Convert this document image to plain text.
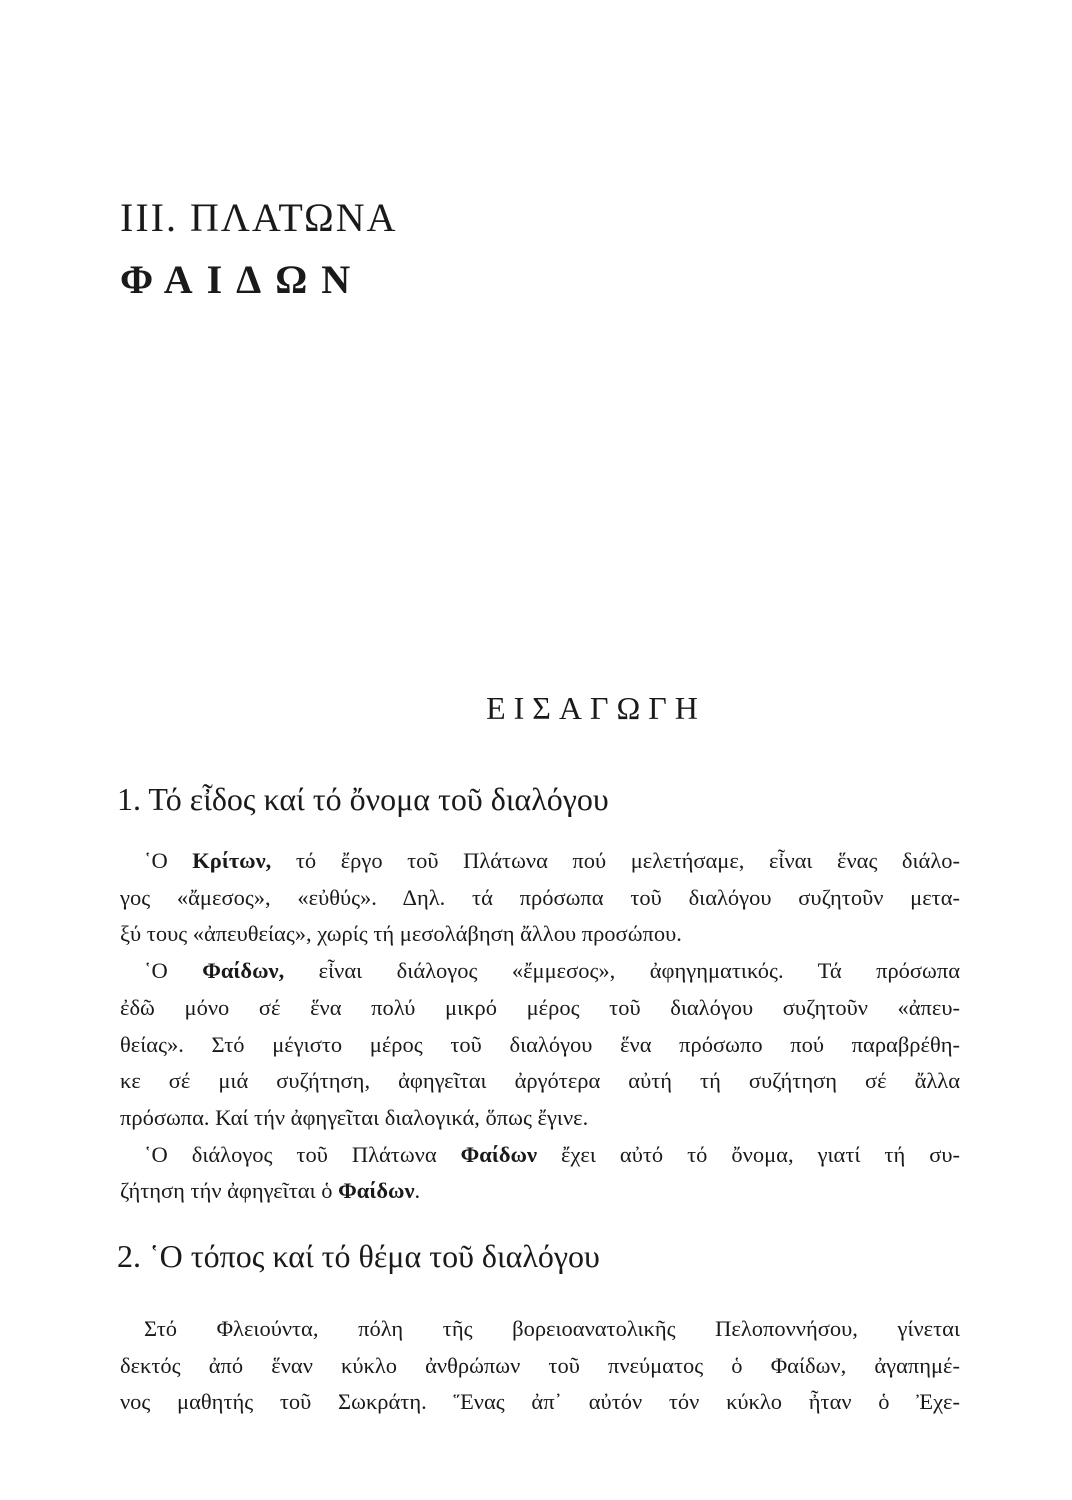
III. ΠΛΑΤΩΝΑ
ΦΑΙΔΩΝ
ΕΙΣΑΓΩΓΗ
1. Τό εἶδος καί τό ὄνομα τοῦ διαλόγου
῾Ο Κρίτων, τό ἔργο τοῦ Πλάτωνα πού μελετήσαμε, εἶναι ἕνας διάλο-
γος «ἄμεσος», «εὐθύς». Δηλ. τά πρόσωπα τοῦ διαλόγου συζητοῦν μετα-
ξύ τους «ἀπευθείας», χωρίς τή μεσολάβηση ἄλλου προσώπου.
῾Ο Φαίδων, εἶναι διάλογος «ἔμμεσος», ἀφηγηματικός. Τά πρόσωπα
ἐδῶ μόνο σέ ἕνα πολύ μικρό μέρος τοῦ διαλόγου συζητοῦν «ἀπευ-
θείας». Στό μέγιστο μέρος τοῦ διαλόγου ἕνα πρόσωπο πού παραβρέθη-
κε σέ μιά συζήτηση, ἀφηγεῖται ἀργότερα αὐτή τή συζήτηση σέ ἄλλα
πρόσωπα. Καί τήν ἀφηγεῖται διαλογικά, ὅπως ἔγινε.
῾Ο διάλογος τοῦ Πλάτωνα Φαίδων ἔχει αὐτό τό ὄνομα, γιατί τή συ-
ζήτηση τήν ἀφηγεῖται ὁ Φαίδων.
2. ῾Ο τόπος καί τό θέμα τοῦ διαλόγου
Στό Φλειούντα, πόλη τῆς βορειοανατολικῆς Πελοποννήσου, γίνεται
δεκτός ἀπό ἕναν κύκλο ἀνθρώπων τοῦ πνεύματος ὁ Φαίδων, ἀγαπημέ-
νος μαθητής τοῦ Σωκράτη. Ἕνας ἀπ᾽ αὐτόν τόν κύκλο ἦταν ὁ Ἐχε-
